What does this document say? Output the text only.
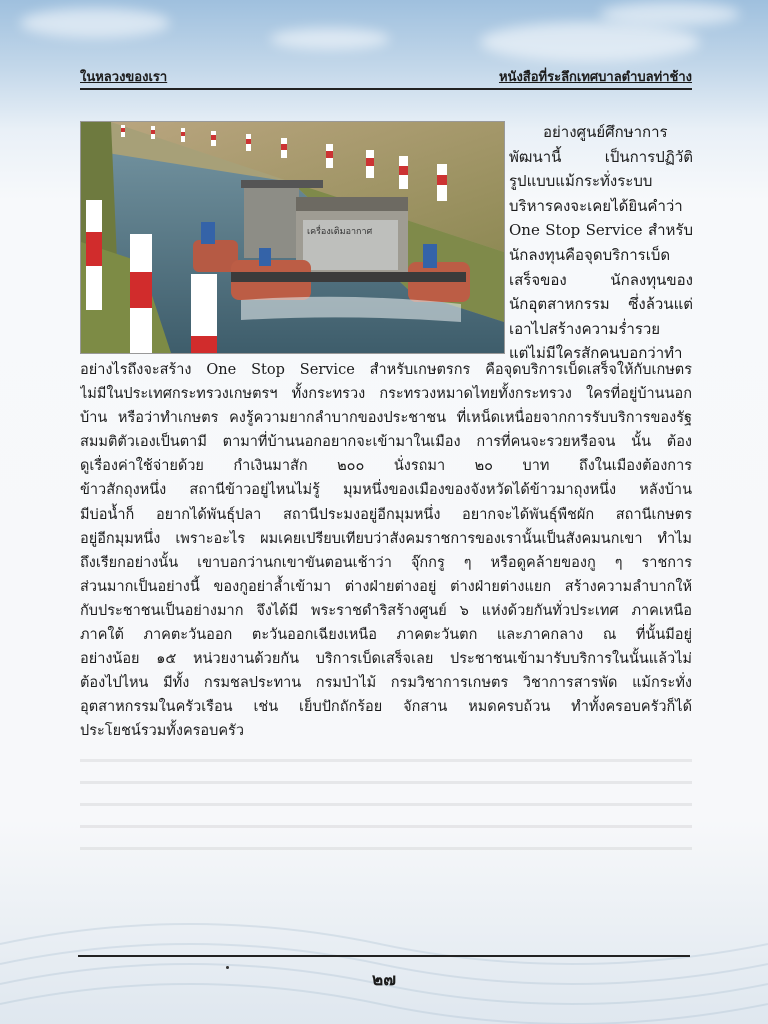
ในหลวงของเรา	หนังสือที่ระลึกเทศบาลตำบลท่าช้าง
เครื่องเติมอากาศ

อย่างศูนย์ศึกษาการ
พัฒนานี้ เป็นการปฏิวัติ
รูปแบบแม้กระทั่งระบบ
บริหารคงจะเคยได้ยินคำว่า
One Stop Service สำหรับ
นักลงทุนคือจุดบริการเบ็ด
เสร็จของ นักลงทุนของ
นักอุตสาหกรรม ซึ่งล้วนแต่
เอาไปสร้างความร่ำรวย
แต่ไม่มีใครสักคนบอกว่าทำ

อย่างไรถึงจะสร้าง One Stop Service สำหรับเกษตรกร คือจุดบริการเบ็ดเสร็จให้กับเกษตร
ไม่มีในประเทศกระทรวงเกษตรฯ ทั้งกระทรวง กระทรวงหมาดไทยทั้งกระทรวง ใครที่อยู่บ้านนอก
บ้าน หรือว่าทำเกษตร คงรู้ความยากลำบากของประชาชน ที่เหน็ดเหนื่อยจากการรับบริการของรัฐ
สมมติตัวเองเป็นตามี ตามาที่บ้านนอกอยากจะเข้ามาในเมือง การที่คนจะรวยหรือจน นั้น ต้อง
ดูเรื่องค่าใช้จ่ายด้วย กำเงินมาสัก ๒๐๐ นั่งรถมา ๒๐ บาท ถึงในเมืองต้องการ
ข้าวสักถุงหนึ่ง สถานีข้าวอยู่ไหนไม่รู้ มุมหนึ่งของเมืองของจังหวัดได้ข้าวมาถุงหนึ่ง หลังบ้าน
มีบ่อน้ำก็ อยากได้พันธุ์ปลา สถานีประมงอยู่อีกมุมหนึ่ง อยากจะได้พันธุ์พืชผัก สถานีเกษตร
อยู่อีกมุมหนึ่ง เพราะอะไร ผมเคยเปรียบเทียบว่าสังคมราชการของเรานั้นเป็นสังคมนกเขา ทำไม
ถึงเรียกอย่างนั้น เขาบอกว่านกเขาขันตอนเช้าว่า จุ๊กกรู ๆ หรือดูคล้ายของกู ๆ ราชการ
ส่วนมากเป็นอย่างนี้ ของกูอย่าล้ำเข้ามา ต่างฝ่ายต่างอยู่ ต่างฝ่ายต่างแยก สร้างความลำบากให้
กับประชาชนเป็นอย่างมาก จึงได้มี พระราชดำริสร้างศูนย์ ๖ แห่งด้วยกันทั่วประเทศ ภาคเหนือ
ภาคใต้ ภาคตะวันออก ตะวันออกเฉียงเหนือ ภาคตะวันตก และภาคกลาง ณ ที่นั้นมีอยู่
อย่างน้อย ๑๕ หน่วยงานด้วยกัน บริการเบ็ดเสร็จเลย ประชาชนเข้ามารับบริการในนั้นแล้วไม่
ต้องไปไหน มีทั้ง กรมชลประทาน กรมป่าไม้ กรมวิชาการเกษตร วิชาการสารพัด แม้กระทั่ง
อุตสาหกรรมในครัวเรือน เช่น เย็บปักถักร้อย จักสาน หมดครบถ้วน ทำทั้งครอบครัวก็ได้
ประโยชน์รวมทั้งครอบครัว

๒๗
